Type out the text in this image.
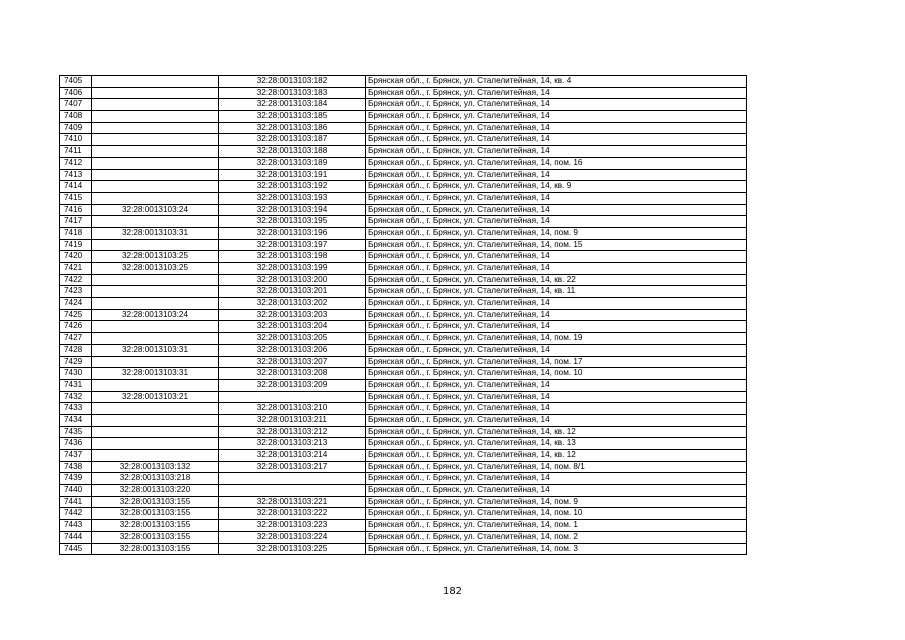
7405		32:28:0013103:182	Брянская обл., г. Брянск, ул. Сталелитейная, 14, кв. 4
7406		32:28:0013103:183	Брянская обл., г. Брянск, ул. Сталелитейная, 14
7407		32:28:0013103:184	Брянская обл., г. Брянск, ул. Сталелитейная, 14
7408		32:28:0013103:185	Брянская обл., г. Брянск, ул. Сталелитейная, 14
7409		32:28:0013103:186	Брянская обл., г. Брянск, ул. Сталелитейная, 14
7410		32:28:0013103:187	Брянская обл., г. Брянск, ул. Сталелитейная, 14
7411		32:28:0013103:188	Брянская обл., г. Брянск, ул. Сталелитейная, 14
7412		32:28:0013103:189	Брянская обл., г. Брянск, ул. Сталелитейная, 14, пом. 16
7413		32:28:0013103:191	Брянская обл., г. Брянск, ул. Сталелитейная, 14
7414		32:28:0013103:192	Брянская обл., г. Брянск, ул. Сталелитейная, 14, кв. 9
7415		32:28:0013103:193	Брянская обл., г. Брянск, ул. Сталелитейная, 14
7416	32:28:0013103:24	32:28:0013103:194	Брянская обл., г. Брянск, ул. Сталелитейная, 14
7417		32:28:0013103:195	Брянская обл., г. Брянск, ул. Сталелитейная, 14
7418	32:28:0013103:31	32:28:0013103:196	Брянская обл., г. Брянск, ул. Сталелитейная, 14, пом. 9
7419		32:28:0013103:197	Брянская обл., г. Брянск, ул. Сталелитейная, 14, пом. 15
7420	32:28:0013103:25	32:28:0013103:198	Брянская обл., г. Брянск, ул. Сталелитейная, 14
7421	32:28:0013103:25	32:28:0013103:199	Брянская обл., г. Брянск, ул. Сталелитейная, 14
7422		32:28:0013103:200	Брянская обл., г. Брянск, ул. Сталелитейная, 14, кв. 22
7423		32:28:0013103:201	Брянская обл., г. Брянск, ул. Сталелитейная, 14, кв. 11
7424		32:28:0013103:202	Брянская обл., г. Брянск, ул. Сталелитейная, 14
7425	32:28:0013103:24	32:28:0013103:203	Брянская обл., г. Брянск, ул. Сталелитейная, 14
7426		32:28:0013103:204	Брянская обл., г. Брянск, ул. Сталелитейная, 14
7427		32:28:0013103:205	Брянская обл., г. Брянск, ул. Сталелитейная, 14, пом. 19
7428	32:28:0013103:31	32:28:0013103:206	Брянская обл., г. Брянск, ул. Сталелитейная, 14
7429		32:28:0013103:207	Брянская обл., г. Брянск, ул. Сталелитейная, 14, пом. 17
7430	32:28:0013103:31	32:28:0013103:208	Брянская обл., г. Брянск, ул. Сталелитейная, 14, пом. 10
7431		32:28:0013103:209	Брянская обл., г. Брянск, ул. Сталелитейная, 14
7432	32:28:0013103:21		Брянская обл., г. Брянск, ул. Сталелитейная, 14
7433		32:28:0013103:210	Брянская обл., г. Брянск, ул. Сталелитейная, 14
7434		32:28:0013103:211	Брянская обл., г. Брянск, ул. Сталелитейная, 14
7435		32:28:0013103:212	Брянская обл., г. Брянск, ул. Сталелитейная, 14, кв. 12
7436		32:28:0013103:213	Брянская обл., г. Брянск, ул. Сталелитейная, 14, кв. 13
7437		32:28:0013103:214	Брянская обл., г. Брянск, ул. Сталелитейная, 14, кв. 12
7438	32:28:0013103:132	32:28:0013103:217	Брянская обл., г. Брянск, ул. Сталелитейная, 14, пом. 8/1
7439	32:28:0013103:218		Брянская обл., г. Брянск, ул. Сталелитейная, 14
7440	32:28:0013103:220		Брянская обл., г. Брянск, ул. Сталелитейная, 14
7441	32:28:0013103:155	32:28:0013103:221	Брянская обл., г. Брянск, ул. Сталелитейная, 14, пом. 9
7442	32:28:0013103:155	32:28:0013103:222	Брянская обл., г. Брянск, ул. Сталелитейная, 14, пом. 10
7443	32:28:0013103:155	32:28:0013103:223	Брянская обл., г. Брянск, ул. Сталелитейная, 14, пом. 1
7444	32:28:0013103:155	32:28:0013103:224	Брянская обл., г. Брянск, ул. Сталелитейная, 14, пом. 2
7445	32:28:0013103:155	32:28:0013103:225	Брянская обл., г. Брянск, ул. Сталелитейная, 14, пом. 3
182
